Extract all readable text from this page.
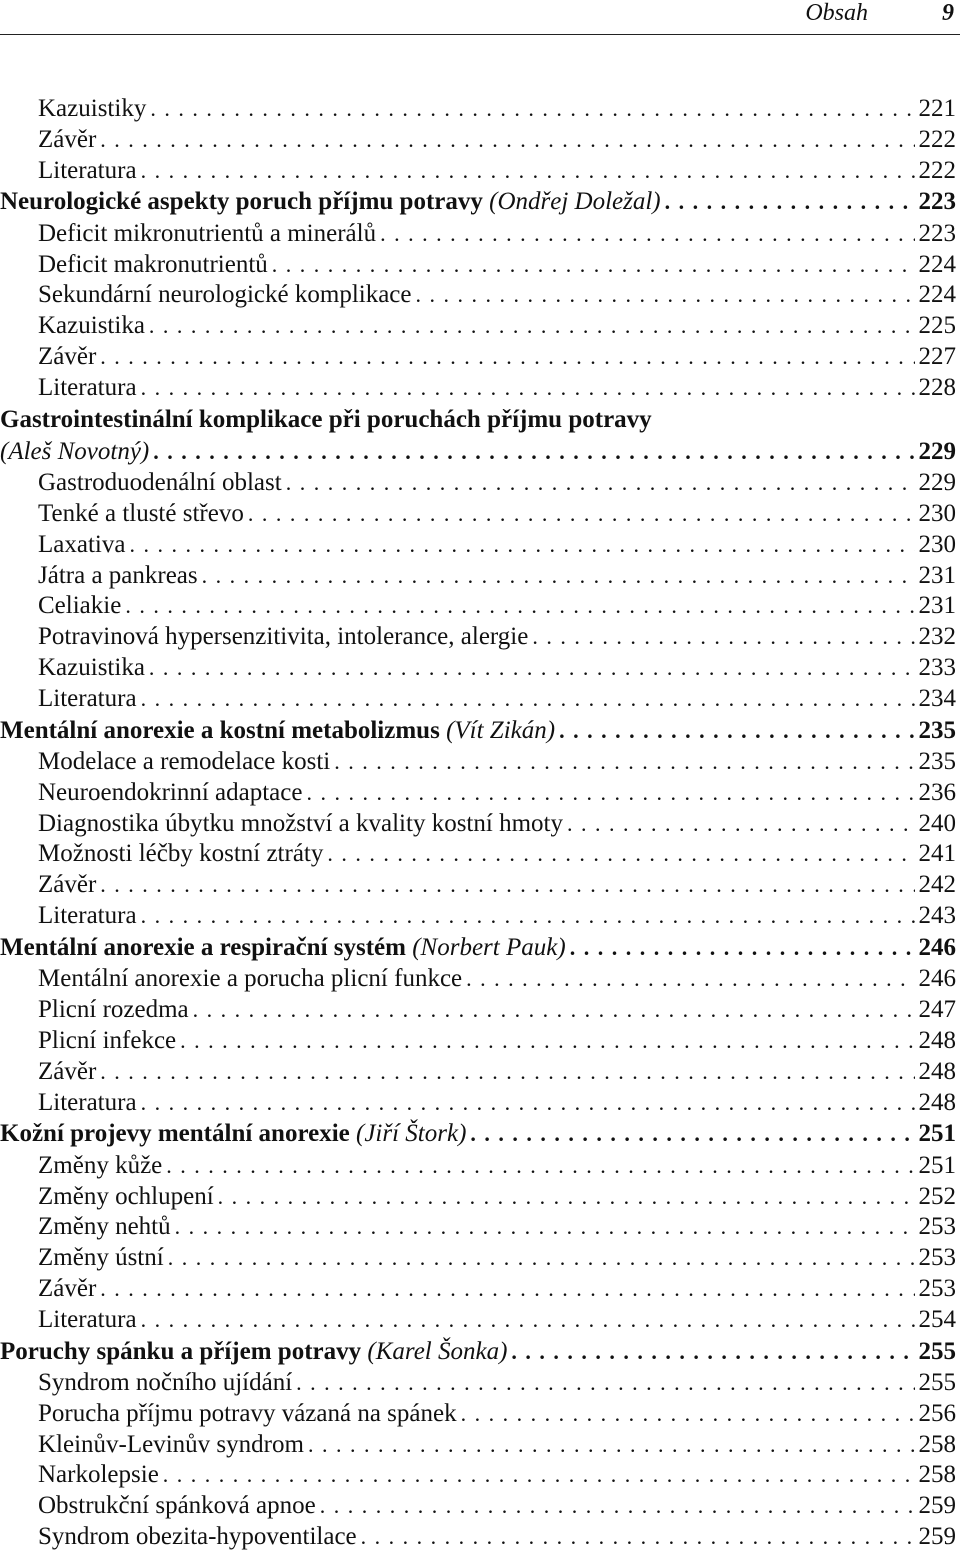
Obsah	9
Kazuistiky . . .	221
Závěr . . .	222
Literatura . . .	222
Neurologické aspekty poruch příjmu potravy (Ondřej Doležal) . . .	223
Deficit mikronutrientů a minerálů . . .	223
Deficit makronutrientů . . .	224
Sekundární neurologické komplikace . . .	224
Kazuistika . . .	225
Závěr . . .	227
Literatura . . .	228
Gastrointestinální komplikace při poruchách příjmu potravy
(Aleš Novotný) . . .	229
Gastroduodenální oblast . . .	229
Tenké a tlusté střevo . . .	230
Laxativa . . .	230
Játra a pankreas . . .	231
Celiakie . . .	231
Potravinová hypersenzitivita, intolerance, alergie . . .	232
Kazuistika . . .	233
Literatura . . .	234
Mentální anorexie a kostní metabolizmus (Vít Zikán) . . .	235
Modelace a remodelace kosti . . .	235
Neuroendokrinní adaptace . . .	236
Diagnostika úbytku množství a kvality kostní hmoty . . .	240
Možnosti léčby kostní ztráty . . .	241
Závěr . . .	242
Literatura . . .	243
Mentální anorexie a respirační systém (Norbert Pauk) . . .	246
Mentální anorexie a porucha plicní funkce . . .	246
Plicní rozedma . . .	247
Plicní infekce . . .	248
Závěr . . .	248
Literatura . . .	248
Kožní projevy mentální anorexie (Jiří Štork) . . .	251
Změny kůže . . .	251
Změny ochlupení . . .	252
Změny nehtů . . .	253
Změny ústní . . .	253
Závěr . . .	253
Literatura . . .	254
Poruchy spánku a příjem potravy (Karel Šonka) . . .	255
Syndrom nočního ujídání . . .	255
Porucha příjmu potravy vázaná na spánek . . .	256
Kleinův-Levinův syndrom . . .	258
Narkolepsie . . .	258
Obstrukční spánková apnoe . . .	259
Syndrom obezita-hypoventilace . . .	259
